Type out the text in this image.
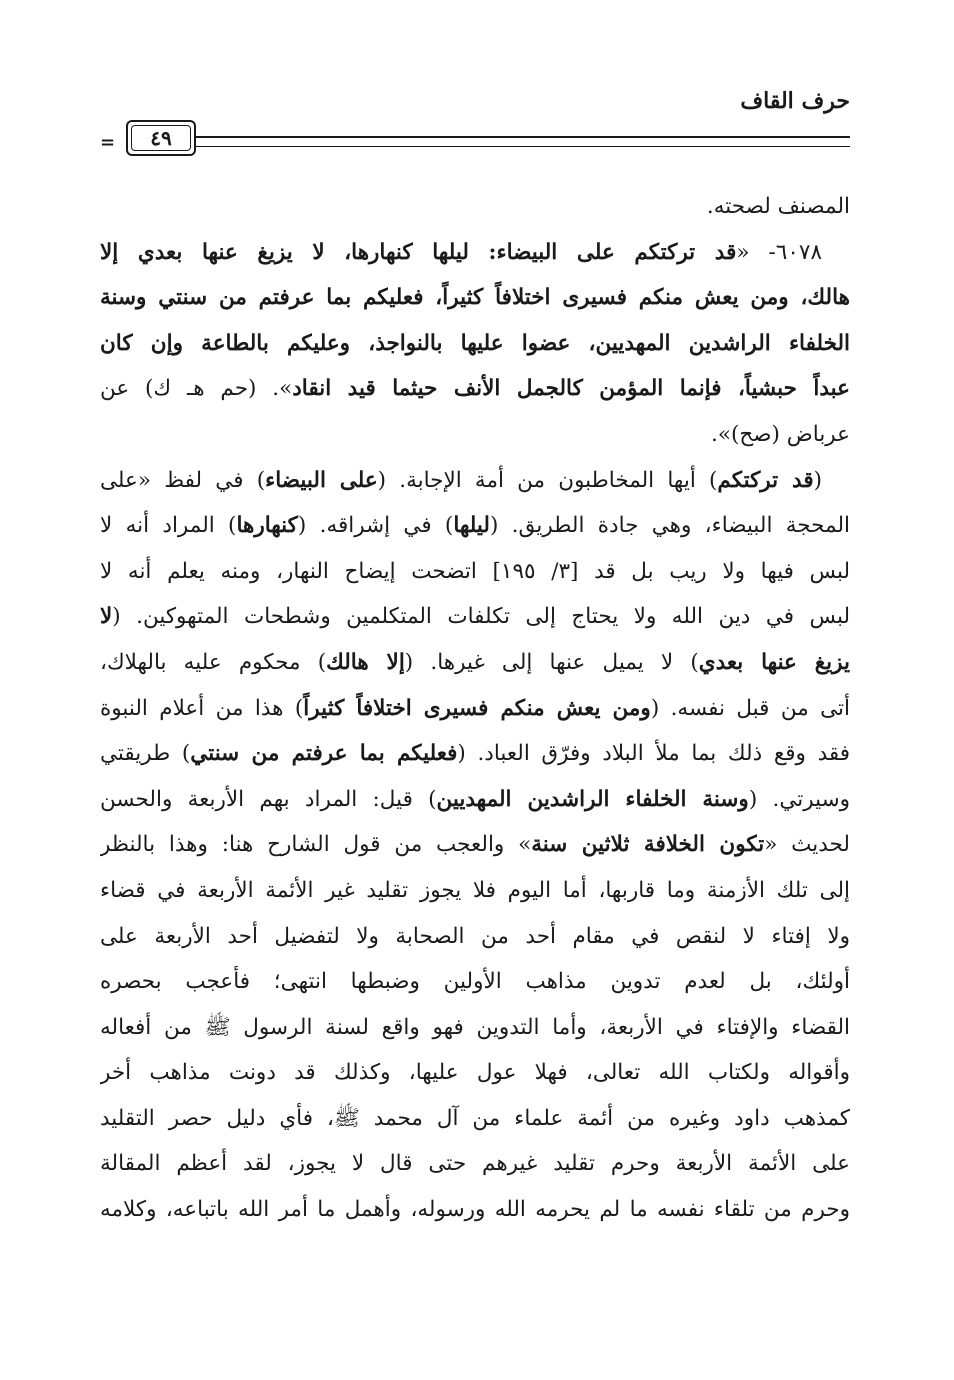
حرف القاف
٤٩
=
المصنف لصحته.
٦٠٧٨- «قد تركتكم على البيضاء: ليلها كنهارها، لا يزيغ عنها بعدي إلا
هالك، ومن يعش منكم فسيرى اختلافاً كثيراً، فعليكم بما عرفتم من سنتي وسنة
الخلفاء الراشدين المهديين، عضوا عليها بالنواجذ، وعليكم بالطاعة وإن كان
عبداً حبشياً، فإنما المؤمن كالجمل الأنف حيثما قيد انقاد». (حم هـ ك) عن
عرباض (صح)».
(قد تركتكم) أيها المخاطبون من أمة الإجابة. (على البيضاء) في لفظ «على
المحجة البيضاء، وهي جادة الطريق. (ليلها) في إشراقه. (كنهارها) المراد أنه لا
لبس فيها ولا ريب بل قد [٣/ ١٩٥] اتضحت إيضاح النهار، ومنه يعلم أنه لا
لبس في دين الله ولا يحتاج إلى تكلفات المتكلمين وشطحات المتهوكين. (لا
يزيغ عنها بعدي) لا يميل عنها إلى غيرها. (إلا هالك) محكوم عليه بالهلاك،
أتى من قبل نفسه. (ومن يعش منكم فسيرى اختلافاً كثيراً) هذا من أعلام النبوة
فقد وقع ذلك بما ملأ البلاد وفرّق العباد. (فعليكم بما عرفتم من سنتي) طريقتي
وسيرتي. (وسنة الخلفاء الراشدين المهديين) قيل: المراد بهم الأربعة والحسن
لحديث «تكون الخلافة ثلاثين سنة» والعجب من قول الشارح هنا: وهذا بالنظر
إلى تلك الأزمنة وما قاربها، أما اليوم فلا يجوز تقليد غير الأئمة الأربعة في قضاء
ولا إفتاء لا لنقص في مقام أحد من الصحابة ولا لتفضيل أحد الأربعة على
أولئك، بل لعدم تدوين مذاهب الأولين وضبطها انتهى؛ فأعجب بحصره
القضاء والإفتاء في الأربعة، وأما التدوين فهو واقع لسنة الرسول ﷺ من أفعاله
وأقواله ولكتاب الله تعالى، فهلا عول عليها، وكذلك قد دونت مذاهب أخر
كمذهب داود وغيره من أئمة علماء من آل محمد ﷺ، فأي دليل حصر التقليد
على الأئمة الأربعة وحرم تقليد غيرهم حتى قال لا يجوز، لقد أعظم المقالة
وحرم من تلقاء نفسه ما لم يحرمه الله ورسوله، وأهمل ما أمر الله باتباعه، وكلامه
